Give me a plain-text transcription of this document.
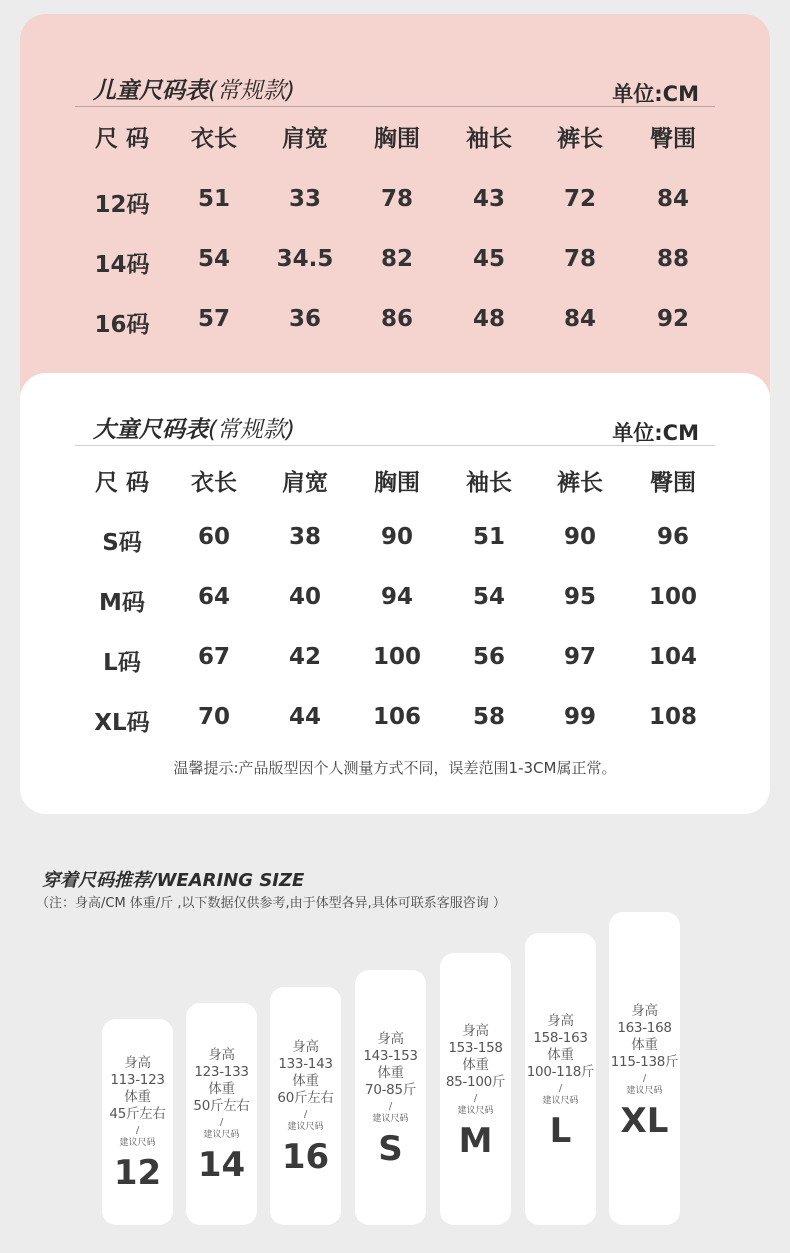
儿童尺码表(常规款)	单位:CM
尺 码	衣长	肩宽	胸围	袖长	裤长	臀围
12码	51	33	78	43	72	84
14码	54	34.5	82	45	78	88
16码	57	36	86	48	84	92
大童尺码表(常规款)	单位:CM
尺 码	衣长	肩宽	胸围	袖长	裤长	臀围
S码	60	38	90	51	90	96
M码	64	40	94	54	95	100
L码	67	42	100	56	97	104
XL码	70	44	106	58	99	108
温馨提示:产品版型因个人测量方式不同，误差范围1-3CM属正常。
穿着尺码推荐/WEARING SIZE
（注：身高/CM 体重/斤 ,以下数据仅供参考,由于体型各异,具体可联系客服咨询 ）
身高
113-123
体重
45斤左右
/
建议尺码
12
身高
123-133
体重
50斤左右
/
建议尺码
14
身高
133-143
体重
60斤左右
/
建议尺码
16
身高
143-153
体重
70-85斤
/
建议尺码
S
身高
153-158
体重
85-100斤
/
建议尺码
M
身高
158-163
体重
100-118斤
/
建议尺码
L
身高
163-168
体重
115-138斤
/
建议尺码
XL
